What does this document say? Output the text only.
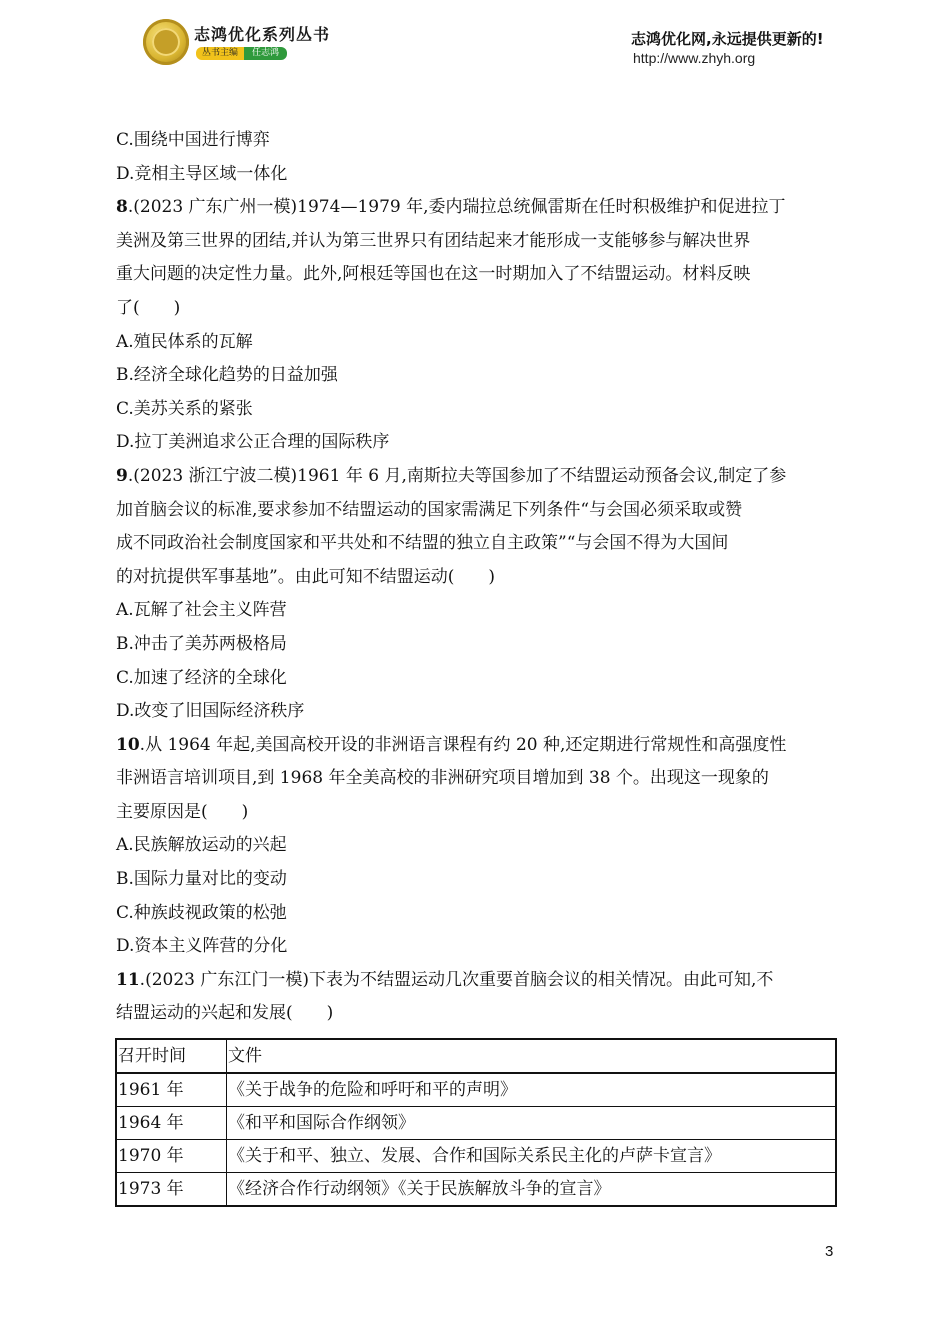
志鸿优化系列丛书
丛书主编	任志鸿
志鸿优化网,永远提供更新的!
http://www.zhyh.org
C.围绕中国进行博弈
D.竞相主导区域一体化
8.(2023 广东广州一模)1974—1979 年,委内瑞拉总统佩雷斯在任时积极维护和促进拉丁
美洲及第三世界的团结,并认为第三世界只有团结起来才能形成一支能够参与解决世界
重大问题的决定性力量。此外,阿根廷等国也在这一时期加入了不结盟运动。材料反映
了(　　)
A.殖民体系的瓦解
B.经济全球化趋势的日益加强
C.美苏关系的紧张
D.拉丁美洲追求公正合理的国际秩序
9.(2023 浙江宁波二模)1961 年 6 月,南斯拉夫等国参加了不结盟运动预备会议,制定了参
加首脑会议的标准,要求参加不结盟运动的国家需满足下列条件“与会国必须采取或赞
成不同政治社会制度国家和平共处和不结盟的独立自主政策”“与会国不得为大国间
的对抗提供军事基地”。由此可知不结盟运动(　　)
A.瓦解了社会主义阵营
B.冲击了美苏两极格局
C.加速了经济的全球化
D.改变了旧国际经济秩序
10.从 1964 年起,美国高校开设的非洲语言课程有约 20 种,还定期进行常规性和高强度性
非洲语言培训项目,到 1968 年全美高校的非洲研究项目增加到 38 个。出现这一现象的
主要原因是(　　)
A.民族解放运动的兴起
B.国际力量对比的变动
C.种族歧视政策的松弛
D.资本主义阵营的分化
11.(2023 广东江门一模)下表为不结盟运动几次重要首脑会议的相关情况。由此可知,不
结盟运动的兴起和发展(　　)
召开时间	文件
1961 年	《关于战争的危险和呼吁和平的声明》
1964 年	《和平和国际合作纲领》
1970 年	《关于和平、独立、发展、合作和国际关系民主化的卢萨卡宣言》
1973 年	《经济合作行动纲领》《关于民族解放斗争的宣言》
3
